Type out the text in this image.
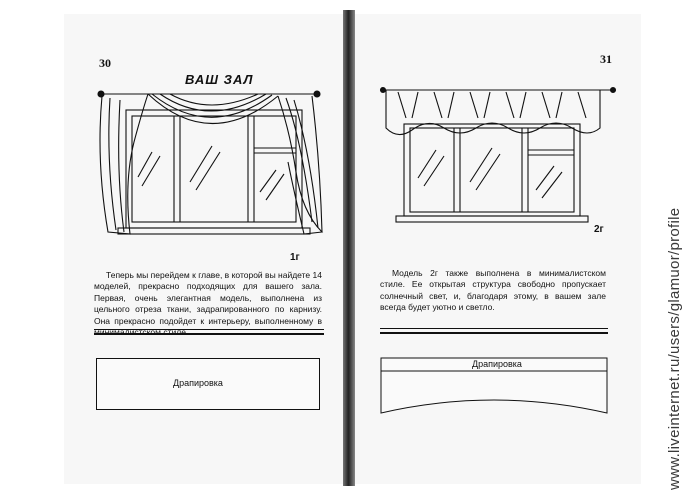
30
ВАШ ЗАЛ
1г
Теперь мы перейдем к главе, в которой вы найдете 14 моделей, прекрасно подходящих для вашего зала. Первая, очень элегантная модель, выполнена из цельного отреза ткани, задрапированного по карнизу. Она прекрасно подойдет к интерьеру, выполненному в
Драпировка
31
2г
Модель 2г также выполнена в минималистском стиле. Ее открытая структура свободно пропускает солнечный свет, и, благодаря этому, в вашем зале всегда будет уютно и светло.
Драпировка	www.liveinternet.ru/users/glamuor/profile
